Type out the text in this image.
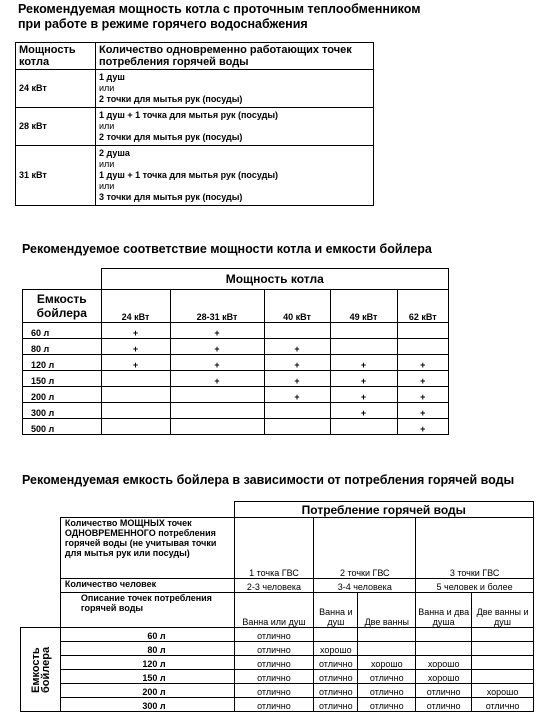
Рекомендуемая мощность котла с проточным теплообменником
при работе в режиме горячего водоснабжения
Мощность котла	Количество одновременно работающих точек потребления горячей воды
24 кВт	1 душ
или
2 точки для мытья рук (посуды)
28 кВт	1 душ + 1 точка для мытья рук (посуды)
или
2 точки для мытья рук (посуды)
31 кВт	2 душа
или
1 душ + 1 точка для мытья рук (посуды)
или
3 точки для мытья рук (посуды)
Рекомендуемое соответствие мощности котла и емкости бойлера
	Мощность котла				
Емкость бойлера	24 кВт	28-31 кВт	40 кВт	49 кВт	62 кВт
60 л	+	+			
80 л	+	+	+		
120 л	+	+	+	+	+
150 л		+	+	+	+
200 л			+	+	+
300 л				+	+
500 л					+
Рекомендуемая емкость бойлера в зависимости от потребления горячей воды
		Потребление горячей воды				
	Количество МОЩНЫХ точек ОДНОВРЕМЕННОГО потребления горячей воды (не учитывая точки для мытья рук или посуды)	1 точка ГВС	2 точки ГВС		3 точки ГВС	
	Количество человек	2-3 человека	3-4 человека		5 человек и более	
	Описание точек потребления горячей воды	Ванна или душ	Ванна и душ	Две ванны	Ванна и два душа	Две ванны и душ
Емкость бойлера	60 л	отлично				
	80 л	отлично	хорошо			
	120 л	отлично	отлично	хорошо	хорошо	
	150 л	отлично	отлично	отлично	хорошо	
	200 л	отлично	отлично	отлично	отлично	хорошо
	300 л	отлично	отлично	отлично	отлично	отлично
